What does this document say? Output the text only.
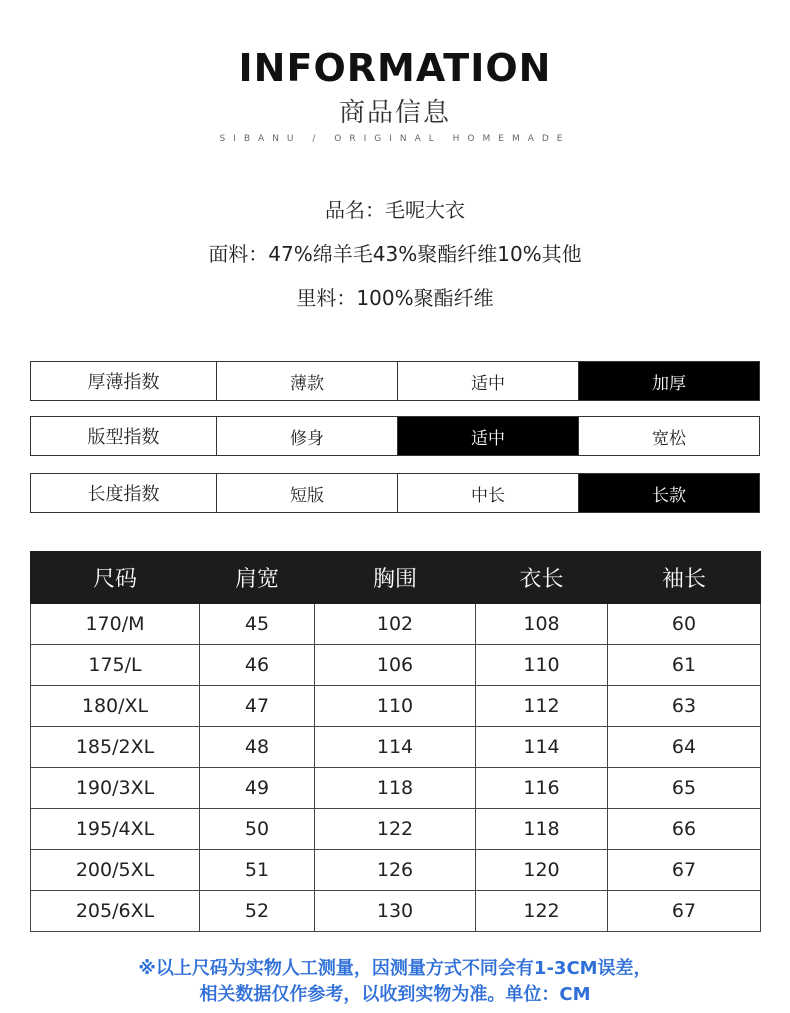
INFORMATION
商品信息
SIBANU / ORIGINAL HOMEMADE
品名：毛呢大衣
面料：47%绵羊毛43%聚酯纤维10%其他
里料：100%聚酯纤维
厚薄指数	薄款	适中	加厚
版型指数	修身	适中	宽松
长度指数	短版	中长	长款
尺码	肩宽	胸围	衣长	袖长
170/M	45	102	108	60
175/L	46	106	110	61
180/XL	47	110	112	63
185/2XL	48	114	114	64
190/3XL	49	118	116	65
195/4XL	50	122	118	66
200/5XL	51	126	120	67
205/6XL	52	130	122	67
※以上尺码为实物人工测量，因测量方式不同会有1-3CM误差，
相关数据仅作参考，以收到实物为准。单位：CM
